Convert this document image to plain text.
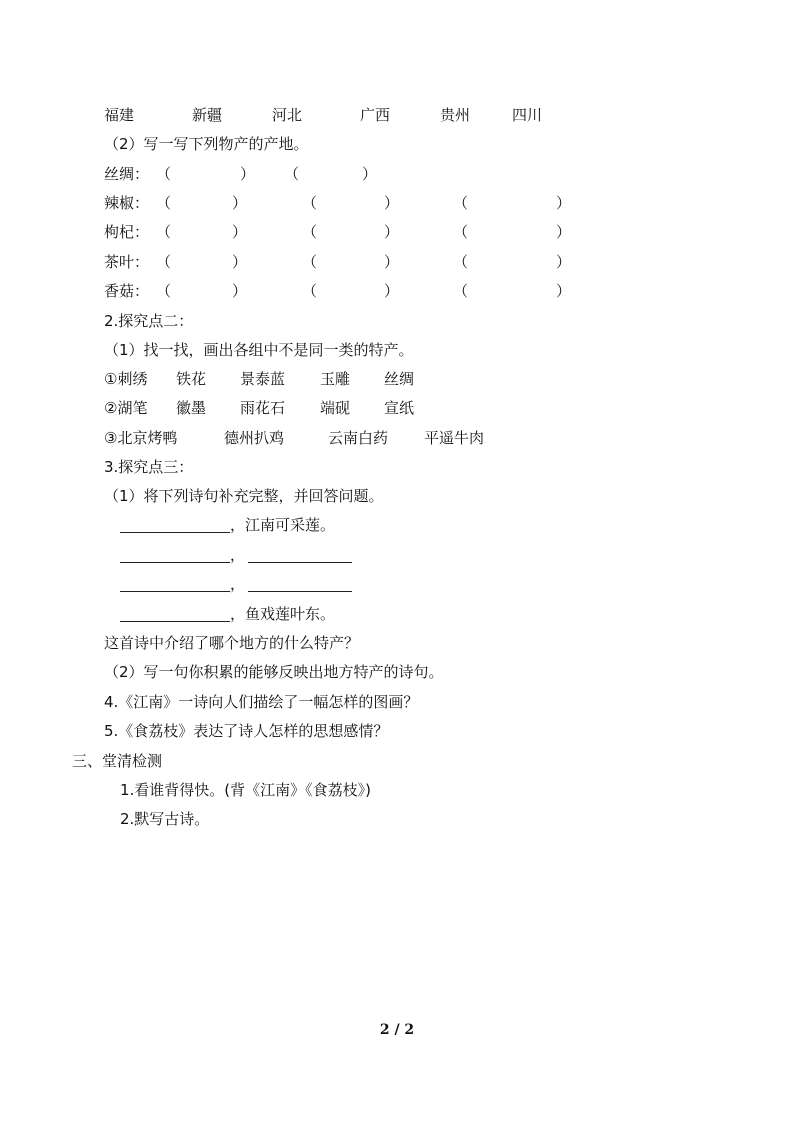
福建	新疆	河北	广西	贵州	四川
（2）写一写下列物产的产地。
丝绸： （	） （	）
辣椒： （	）	（	）	（	）
枸杞： （	）	（	）	（	）
茶叶： （	）	（	）	（	）
香菇： （	）	（	）	（	）
2.探究点二：
（1）找一找，画出各组中不是同一类的特产。
①刺绣 铁花 景泰蓝 玉雕 丝绸
②湖笔 徽墨 雨花石 端砚 宣纸
③北京烤鸭	德州扒鸡	云南白药 平遥牛肉
3.探究点三：
（1）将下列诗句补充完整，并回答问题。
，江南可采莲。
，
，
，鱼戏莲叶东。
这首诗中介绍了哪个地方的什么特产？
（2）写一句你积累的能够反映出地方特产的诗句。
4.《江南》一诗向人们描绘了一幅怎样的图画？
5.《食荔枝》表达了诗人怎样的思想感情？
三、堂清检测
1.看谁背得快。(背《江南》《食荔枝》)
2.默写古诗。
2 / 2
